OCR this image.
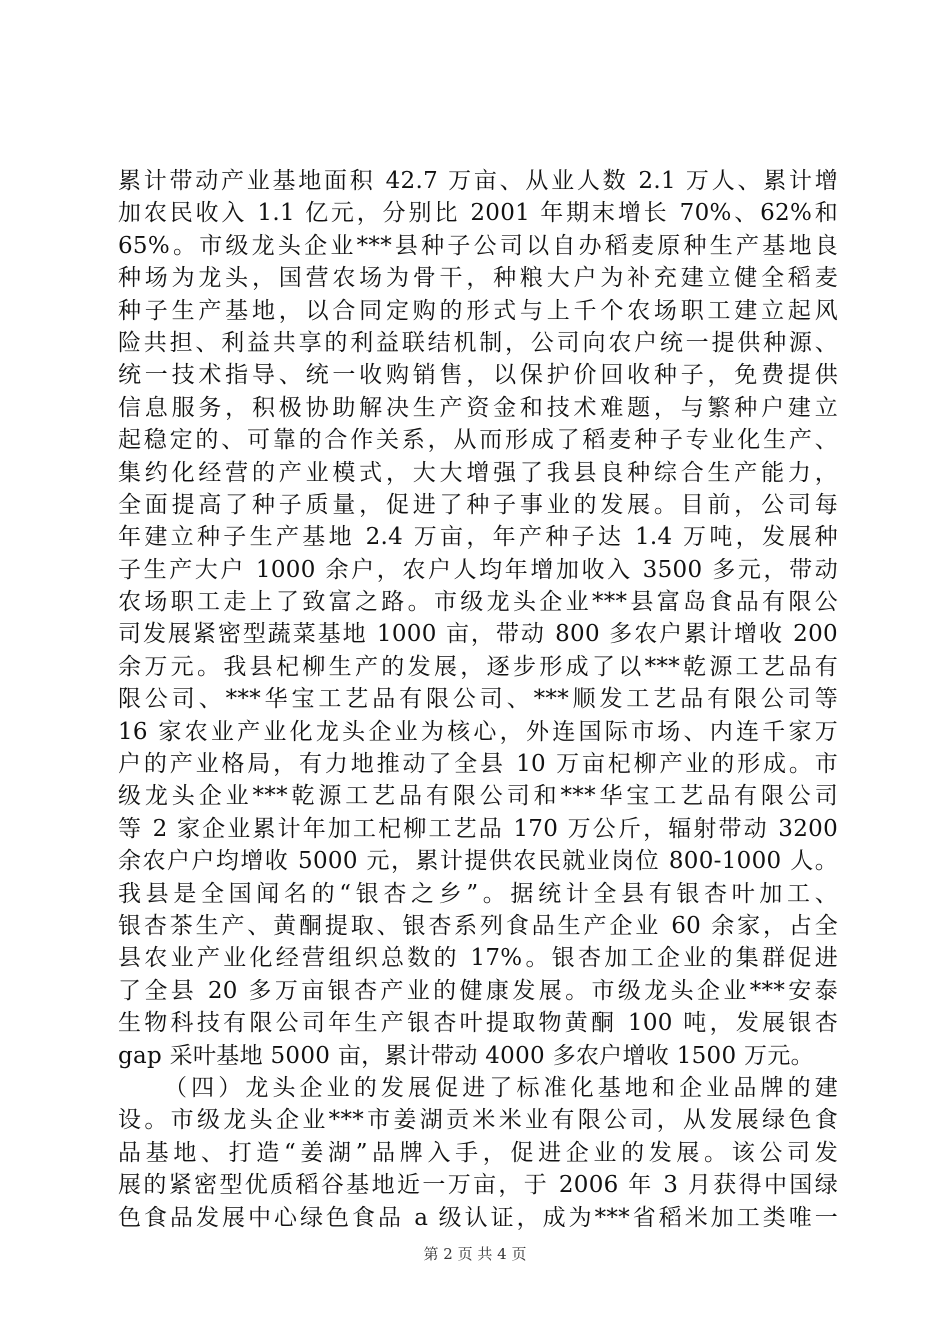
累计带动产业基地面积 42.7 万亩、从业人数 2.1 万人、累计增
加农民收入 1.1 亿元，分别比 2001 年期末增长 70%、62%和
65%。市级龙头企业***县种子公司以自办稻麦原种生产基地良
种场为龙头，国营农场为骨干，种粮大户为补充建立健全稻麦
种子生产基地，以合同定购的形式与上千个农场职工建立起风
险共担、利益共享的利益联结机制，公司向农户统一提供种源、
统一技术指导、统一收购销售，以保护价回收种子，免费提供
信息服务，积极协助解决生产资金和技术难题，与繁种户建立
起稳定的、可靠的合作关系，从而形成了稻麦种子专业化生产、
集约化经营的产业模式，大大增强了我县良种综合生产能力，
全面提高了种子质量，促进了种子事业的发展。目前，公司每
年建立种子生产基地 2.4 万亩，年产种子达 1.4 万吨，发展种
子生产大户 1000 余户，农户人均年增加收入 3500 多元，带动
农场职工走上了致富之路。市级龙头企业***县富岛食品有限公
司发展紧密型蔬菜基地 1000 亩，带动 800 多农户累计增收 200
余万元。我县杞柳生产的发展，逐步形成了以***乾源工艺品有
限公司、***华宝工艺品有限公司、***顺发工艺品有限公司等
16 家农业产业化龙头企业为核心，外连国际市场、内连千家万
户的产业格局，有力地推动了全县 10 万亩杞柳产业的形成。市
级龙头企业***乾源工艺品有限公司和***华宝工艺品有限公司
等 2 家企业累计年加工杞柳工艺品 170 万公斤，辐射带动 3200
余农户户均增收 5000 元，累计提供农民就业岗位 800-1000 人。
我县是全国闻名的“银杏之乡”。据统计全县有银杏叶加工、
银杏茶生产、黄酮提取、银杏系列食品生产企业 60 余家，占全
县农业产业化经营组织总数的 17%。银杏加工企业的集群促进
了全县 20 多万亩银杏产业的健康发展。市级龙头企业***安泰
生物科技有限公司年生产银杏叶提取物黄酮 100 吨，发展银杏
gap 采叶基地 5000 亩，累计带动 4000 多农户增收 1500 万元。
（四）龙头企业的发展促进了标准化基地和企业品牌的建
设。市级龙头企业***市姜湖贡米米业有限公司，从发展绿色食
品基地、打造“姜湖”品牌入手，促进企业的发展。该公司发
展的紧密型优质稻谷基地近一万亩，于 2006 年 3 月获得中国绿
色食品发展中心绿色食品 a 级认证，成为***省稻米加工类唯一
第 2 页 共 4 页
